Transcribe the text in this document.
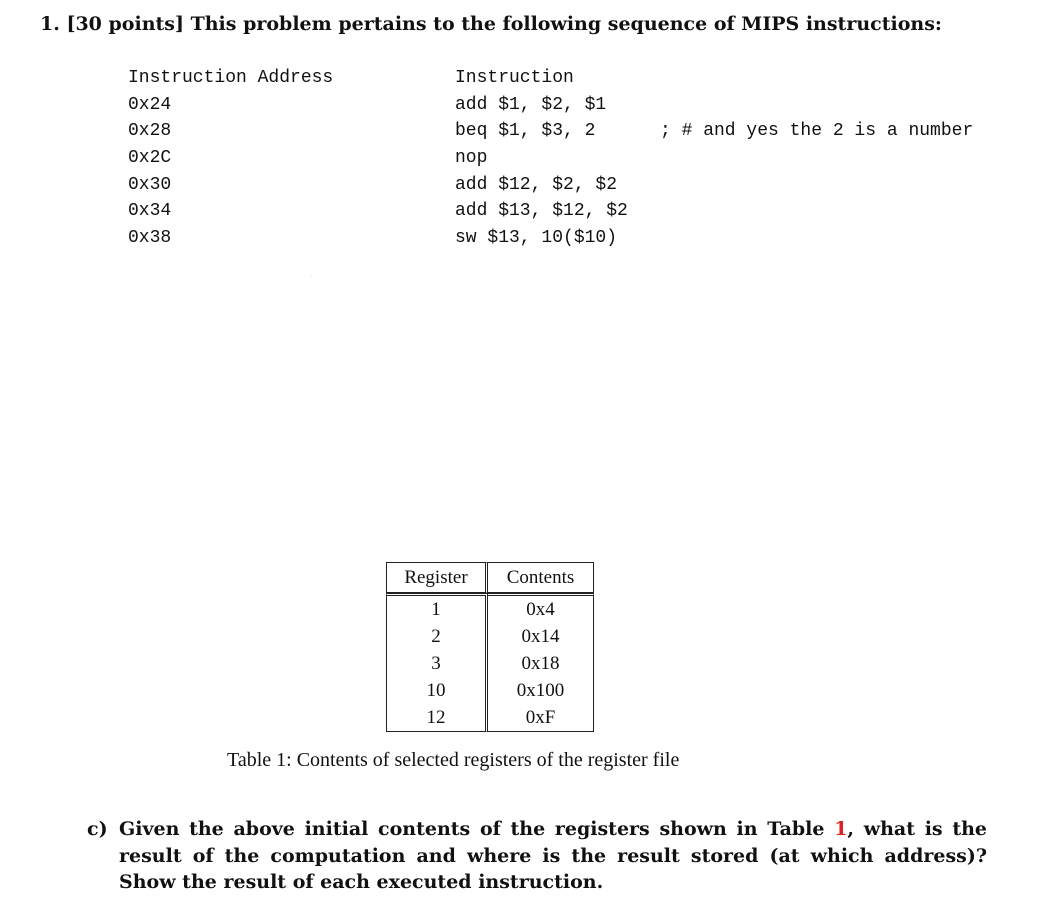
1. [30 points] This problem pertains to the following sequence of MIPS instructions:
Instruction Address	Instruction
0x24	add $1, $2, $1
0x28	beq $1, $3, 2	; # and yes the 2 is a number
0x2C	nop
0x30	add $12, $2, $2
0x34	add $13, $12, $2
0x38	sw $13, 10($10)
Register	Contents
1	0x4
2	0x14
3	0x18
10	0x100
12	0xF
Table 1: Contents of selected registers of the register file
c) Given the above initial contents of the registers shown in Table 1, what is the result of the computation and where is the result stored (at which address)? Show the result of each executed instruction.
